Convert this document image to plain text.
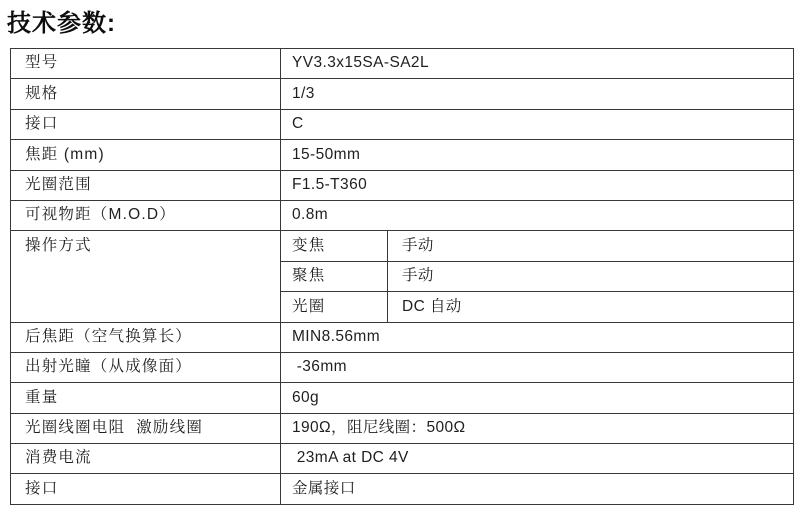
技术参数:
型号	YV3.3x15SA-SA2L	
规格	1/3	
接口	C	
焦距 (mm)	15-50mm	
光圈范围	F1.5-T360	
可视物距（M.O.D）	0.8m	
操作方式	变焦	手动
	聚焦	手动
	光圈	DC 自动
后焦距（空气换算长）	MIN8.56mm	
出射光瞳（从成像面）	-36mm	
重量	60g	
光圈线圈电阻  激励线圈	190Ω，阻尼线圈：500Ω	
消费电流	23mA at DC 4V	
接口	金属接口	
